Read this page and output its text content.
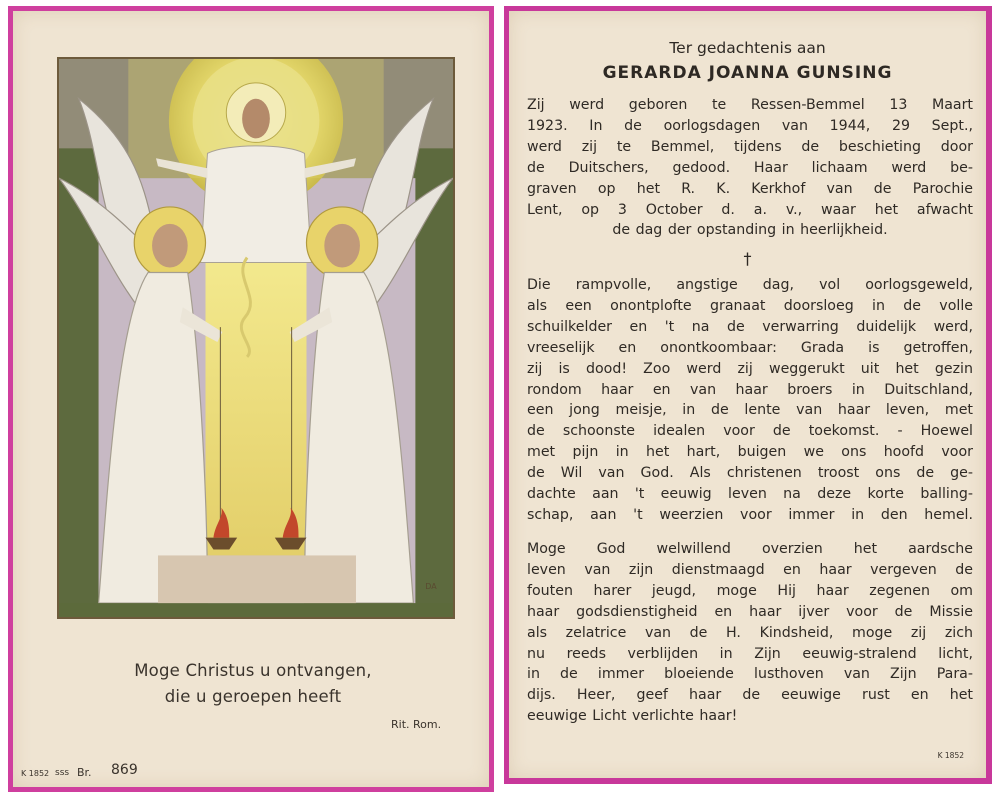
DA
Moge Christus u ontvangen,
die u geroepen heeft
Rit. Rom.
K 1852 sss Br. 869
Ter gedachtenis aan
GERARDA JOANNA GUNSING
Zij werd geboren te Ressen-Bemmel 13 Maart
1923. In de oorlogsdagen van 1944, 29 Sept.,
werd zij te Bemmel, tijdens de beschieting door
de Duitschers, gedood. Haar lichaam werd be-
graven op het R. K. Kerkhof van de Parochie
Lent, op 3 October d. a. v., waar het afwacht
de dag der opstanding in heerlijkheid.
†
Die rampvolle, angstige dag, vol oorlogsgeweld,
als een onontplofte granaat doorsloeg in de volle
schuilkelder en 't na de verwarring duidelijk werd,
vreeselijk en onontkoombaar: Grada is getroffen,
zij is dood! Zoo werd zij weggerukt uit het gezin
rondom haar en van haar broers in Duitschland,
een jong meisje, in de lente van haar leven, met
de schoonste idealen voor de toekomst. - Hoewel
met pijn in het hart, buigen we ons hoofd voor
de Wil van God. Als christenen troost ons de ge-
dachte aan 't eeuwig leven na deze korte balling-
schap, aan 't weerzien voor immer in den hemel.
Moge God welwillend overzien het aardsche
leven van zijn dienstmaagd en haar vergeven de
fouten harer jeugd, moge Hij haar zegenen om
haar godsdienstigheid en haar ijver voor de Missie
als zelatrice van de H. Kindsheid, moge zij zich
nu reeds verblijden in Zijn eeuwig-stralend licht,
in de immer bloeiende lusthoven van Zijn Para-
dijs. Heer, geef haar de eeuwige rust en het
eeuwige Licht verlichte haar!
K 1852
